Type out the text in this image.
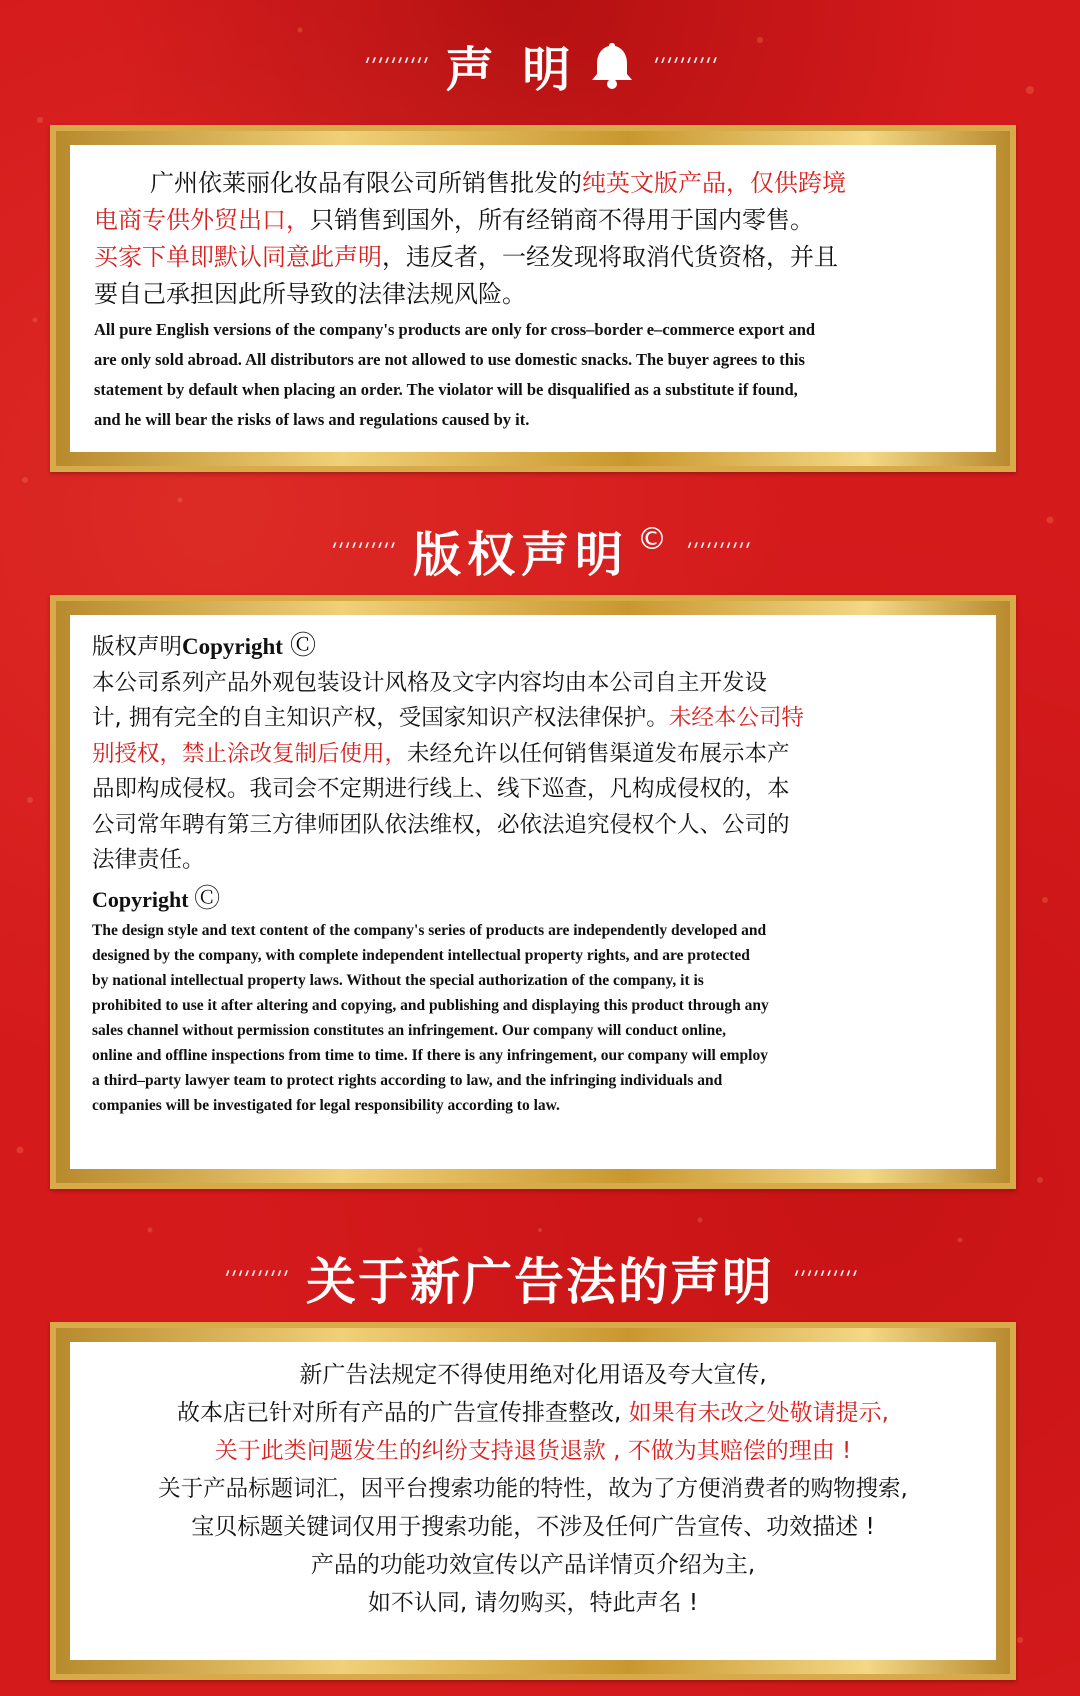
'''''''''' 声 明	''''''''''
广州依莱丽化妆品有限公司所销售批发的纯英文版产品，仅供跨境
电商专供外贸出口，只销售到国外，所有经销商不得用于国内零售。
买家下单即默认同意此声明，违反者，一经发现将取消代货资格，并且
要自己承担因此所导致的法律法规风险。
All pure English versions of the company's products are only for cross–border e–commerce export and
are only sold abroad. All distributors are not allowed to use domestic snacks. The buyer agrees to this
statement by default when placing an order. The violator will be disqualified as a substitute if found,
and he will bear the risks of laws and regulations caused by it.
'''''''''' 版权声明 © ''''''''''
版权声明Copyright Ⓒ
本公司系列产品外观包装设计风格及文字内容均由本公司自主开发设
计, 拥有完全的自主知识产权，受国家知识产权法律保护。未经本公司特
别授权，禁止涂改复制后使用，未经允许以任何销售渠道发布展示本产
品即构成侵权。我司会不定期进行线上、线下巡查，凡构成侵权的，本
公司常年聘有第三方律师团队依法维权，必依法追究侵权个人、公司的
法律责任。
Copyright Ⓒ
The design style and text content of the company's series of products are independently developed and
designed by the company, with complete independent intellectual property rights, and are protected
by national intellectual property laws. Without the special authorization of the company, it is
prohibited to use it after altering and copying, and publishing and displaying this product through any
sales channel without permission constitutes an infringement. Our company will conduct online,
online and offline inspections from time to time. If there is any infringement, our company will employ
a third–party lawyer team to protect rights according to law, and the infringing individuals and
companies will be investigated for legal responsibility according to law.
'''''''''' 关于新广告法的声明 ''''''''''
新广告法规定不得使用绝对化用语及夸大宣传,
故本店已针对所有产品的广告宣传排查整改, 如果有未改之处敬请提示,
关于此类问题发生的纠纷支持退货退款 , 不做为其赔偿的理由 !
关于产品标题词汇，因平台搜索功能的特性，故为了方便消费者的购物搜索,
宝贝标题关键词仅用于搜索功能，不涉及任何广告宣传、功效描述 !
产品的功能功效宣传以产品详情页介绍为主,
如不认同, 请勿购买，特此声名 !
